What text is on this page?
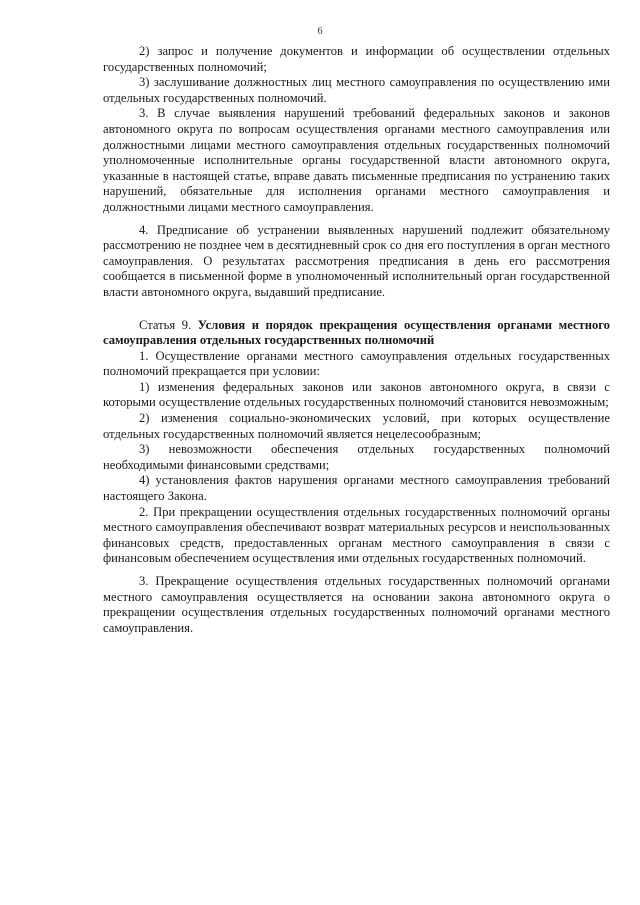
6

2) запрос и получение документов и информации об осуществлении отдельных государственных полномочий;

3) заслушивание должностных лиц местного самоуправления по осуществлению ими отдельных государственных полномочий.

3. В случае выявления нарушений требований федеральных законов и законов автономного округа по вопросам осуществления органами местного самоуправления или должностными лицами местного самоуправления отдельных государственных полномочий уполномоченные исполнительные органы государственной власти автономного округа, указанные в настоящей статье, вправе давать письменные предписания по устранению таких нарушений, обязательные для исполнения органами местного самоуправления и должностными лицами местного самоуправления.

4. Предписание об устранении выявленных нарушений подлежит обязательному рассмотрению не позднее чем в десятидневный срок со дня его поступления в орган местного самоуправления. О результатах рассмотрения предписания в день его рассмотрения сообщается в письменной форме в уполномоченный исполнительный орган государственной власти автономного округа, выдавший предписание.

Статья 9. Условия и порядок прекращения осуществления органами местного самоуправления отдельных государственных полномочий

1. Осуществление органами местного самоуправления отдельных государственных полномочий прекращается при условии:

1) изменения федеральных законов или законов автономного округа, в связи с которыми осуществление отдельных государственных полномочий становится невозможным;

2) изменения социально-экономических условий, при которых осуществление отдельных государственных полномочий является нецелесообразным;

3) невозможности обеспечения отдельных государственных полномочий необходимыми финансовыми средствами;

4) установления фактов нарушения органами местного самоуправления требований настоящего Закона.

2. При прекращении осуществления отдельных государственных полномочий органы местного самоуправления обеспечивают возврат материальных ресурсов и неиспользованных финансовых средств, предоставленных органам местного самоуправления в связи с финансовым обеспечением осуществления ими отдельных государственных полномочий.

3. Прекращение осуществления отдельных государственных полномочий органами местного самоуправления осуществляется на основании закона автономного округа о прекращении осуществления отдельных государственных полномочий органами местного самоуправления.
